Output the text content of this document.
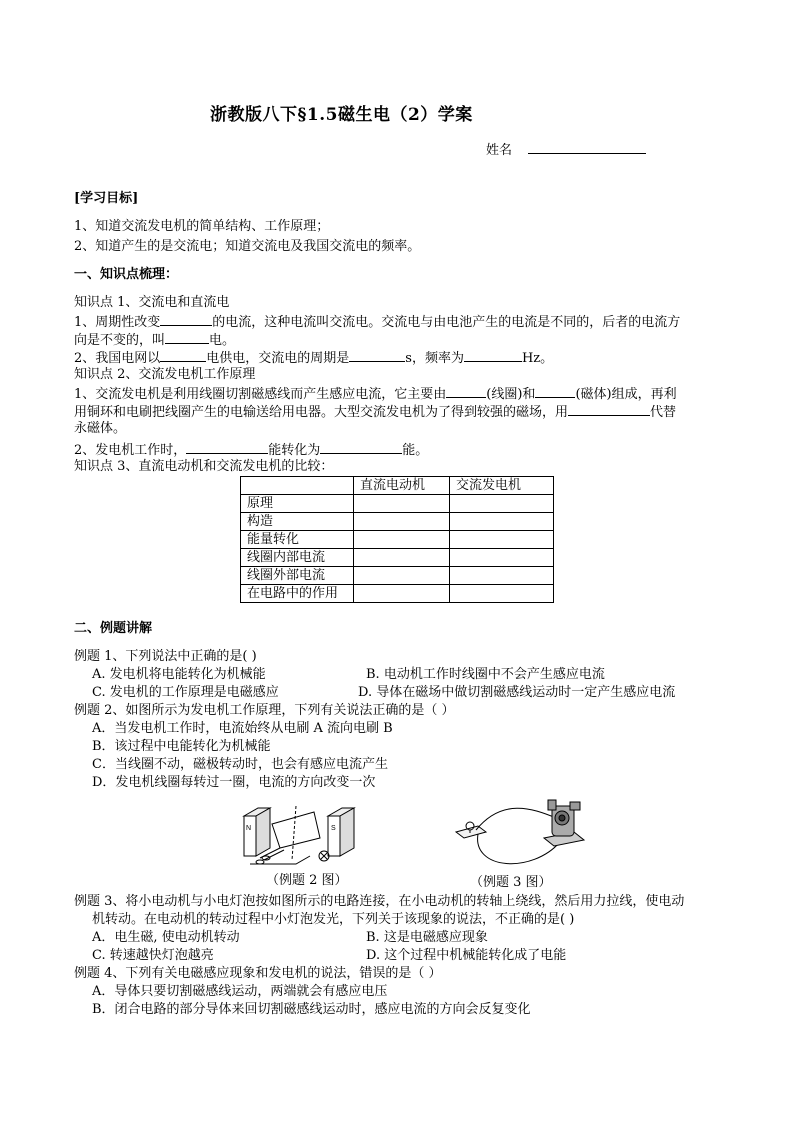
浙教版八下§1.5磁生电（2）学案
姓名
[学习目标]
1、知道交流发电机的简单结构、工作原理；
2、知道产生的是交流电；知道交流电及我国交流电的频率。
一、知识点梳理：
知识点 1、交流电和直流电
1、周期性改变	的电流，这种电流叫交流电。交流电与由电池产生的电流是不同的，后者的电流方
向是不变的，叫	电。
2、我国电网以	电供电，交流电的周期是	s，频率为	Hz。
知识点 2、交流发电机工作原理
1、交流发电机是利用线圈切割磁感线而产生感应电流，它主要由	(线圈)和	(磁体)组成，再利
用铜环和电刷把线圈产生的电输送给用电器。大型交流发电机为了得到较强的磁场，用	代替
永磁体。
2、发电机工作时，	能转化为	能。
知识点 3、直流电动机和交流发电机的比较：
	直流电动机	交流发电机
原理		
构造		
能量转化		
线圈内部电流		
线圈外部电流		
在电路中的作用		
二、例题讲解
例题 1、下列说法中正确的是( )
A. 发电机将电能转化为机械能	B. 电动机工作时线圈中不会产生感应电流
C. 发电机的工作原理是电磁感应	D. 导体在磁场中做切割磁感线运动时一定产生感应电流
例题 2、如图所示为发电机工作原理，下列有关说法正确的是（ ）
A．当发电机工作时，电流始终从电刷 A 流向电刷 B
B．该过程中电能转化为机械能
C．当线圈不动，磁极转动时，也会有感应电流产生
D．发电机线圈每转过一圈，电流的方向改变一次
N	S
（例题 2 图）	（例题 3 图）
例题 3、将小电动机与小电灯泡按如图所示的电路连接，在小电动机的转轴上绕线，然后用力拉线，使电动
机转动。在电动机的转动过程中小灯泡发光，下列关于该现象的说法，不正确的是( )
A．电生磁, 使电动机转动	B. 这是电磁感应现象
C. 转速越快灯泡越亮	D. 这个过程中机械能转化成了电能
例题 4、下列有关电磁感应现象和发电机的说法，错误的是（ ）
A．导体只要切割磁感线运动，两端就会有感应电压
B．闭合电路的部分导体来回切割磁感线运动时，感应电流的方向会反复变化
